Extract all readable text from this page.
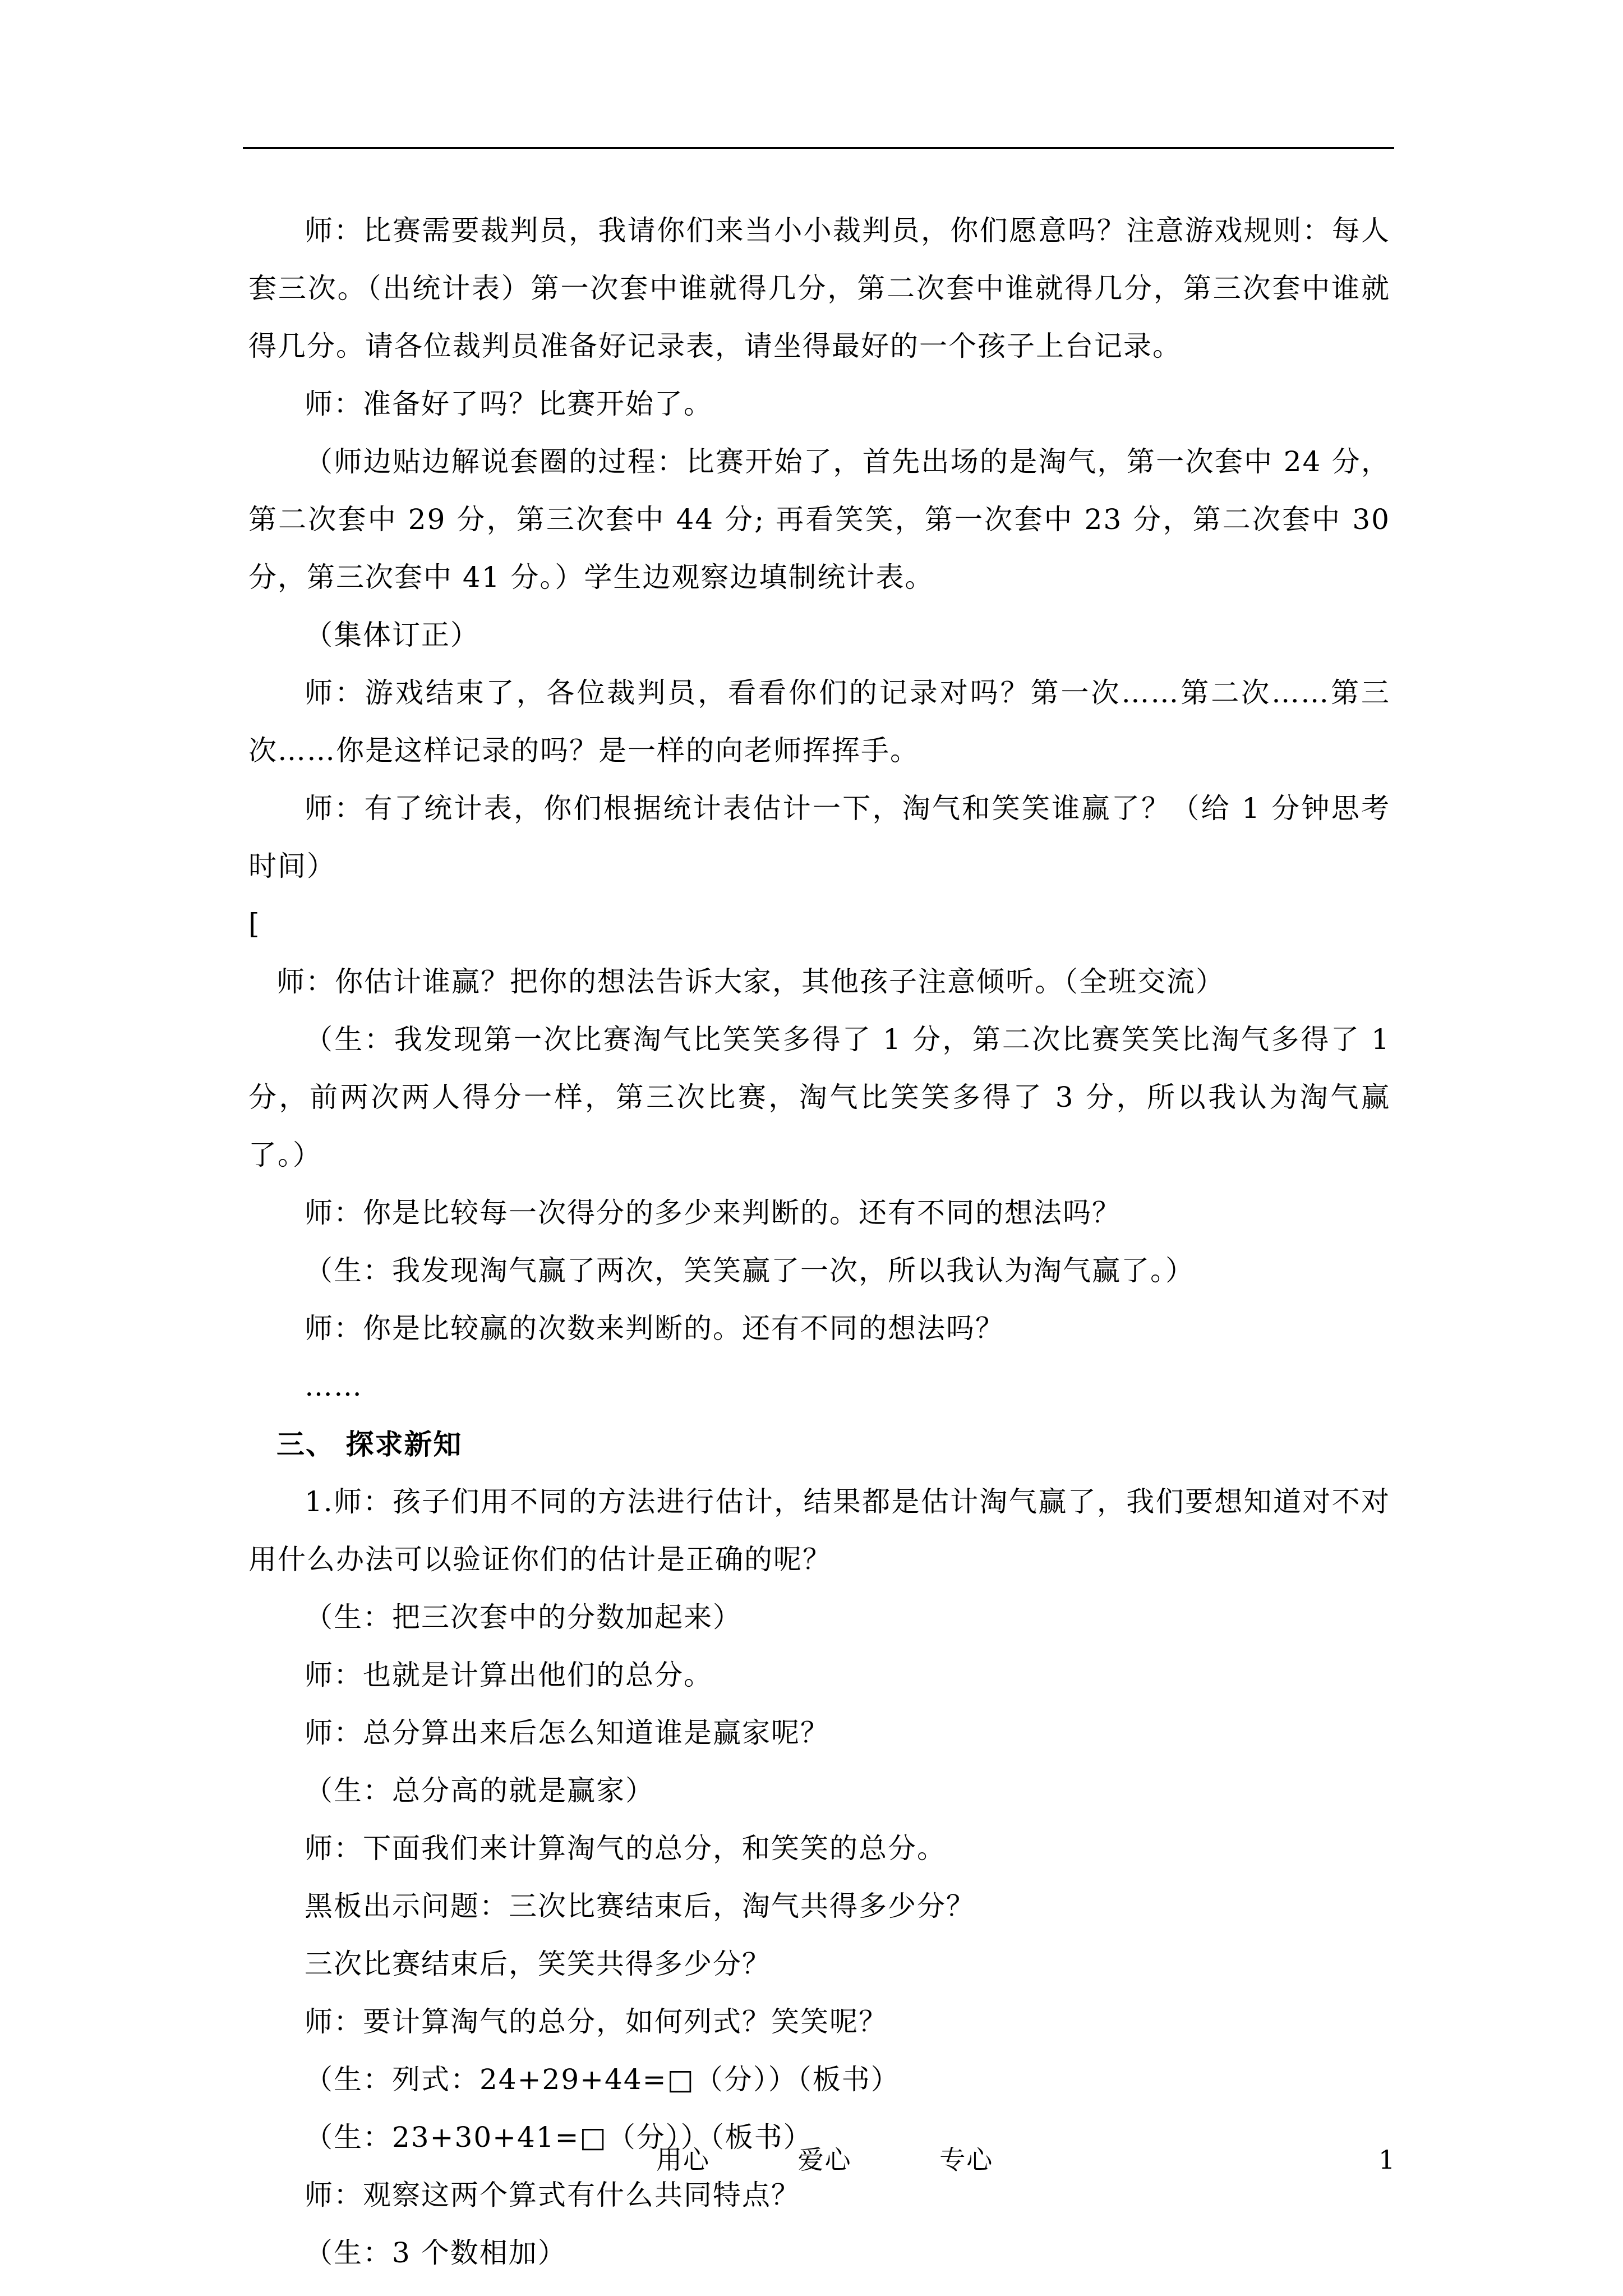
师：比赛需要裁判员，我请你们来当小小裁判员，你们愿意吗？注意游戏规则：每人套三次。（出统计表）第一次套中谁就得几分，第二次套中谁就得几分，第三次套中谁就得几分。请各位裁判员准备好记录表，请坐得最好的一个孩子上台记录。

师：准备好了吗？比赛开始了。

（师边贴边解说套圈的过程：比赛开始了，首先出场的是淘气，第一次套中 24 分，第二次套中 29 分，第三次套中 44 分; 再看笑笑，第一次套中 23 分，第二次套中 30 分，第三次套中 41 分。）学生边观察边填制统计表。

（集体订正）

师：游戏结束了，各位裁判员，看看你们的记录对吗？第一次……第二次……第三次……你是这样记录的吗？是一样的向老师挥挥手。

师：有了统计表，你们根据统计表估计一下，淘气和笑笑谁赢了？（给 1 分钟思考时间）

[

师：你估计谁赢？把你的想法告诉大家，其他孩子注意倾听。（全班交流）

（生：我发现第一次比赛淘气比笑笑多得了 1 分，第二次比赛笑笑比淘气多得了 1 分，前两次两人得分一样，第三次比赛，淘气比笑笑多得了 3 分，所以我认为淘气赢了。）

师：你是比较每一次得分的多少来判断的。还有不同的想法吗？

（生：我发现淘气赢了两次，笑笑赢了一次，所以我认为淘气赢了。）

师：你是比较赢的次数来判断的。还有不同的想法吗？

……

三、 探求新知

1.师：孩子们用不同的方法进行估计，结果都是估计淘气赢了，我们要想知道对不对用什么办法可以验证你们的估计是正确的呢？

（生：把三次套中的分数加起来）

师：也就是计算出他们的总分。

师：总分算出来后怎么知道谁是赢家呢？

（生：总分高的就是赢家）

师：下面我们来计算淘气的总分，和笑笑的总分。

黑板出示问题：三次比赛结束后，淘气共得多少分？

三次比赛结束后，笑笑共得多少分？

师：要计算淘气的总分，如何列式？笑笑呢？

（生：列式：24+29+44=□（分））（板书）

（生：23+30+41=□（分））（板书）

师：观察这两个算式有什么共同特点？

（生：3 个数相加）

用心	爱心	专心	1
